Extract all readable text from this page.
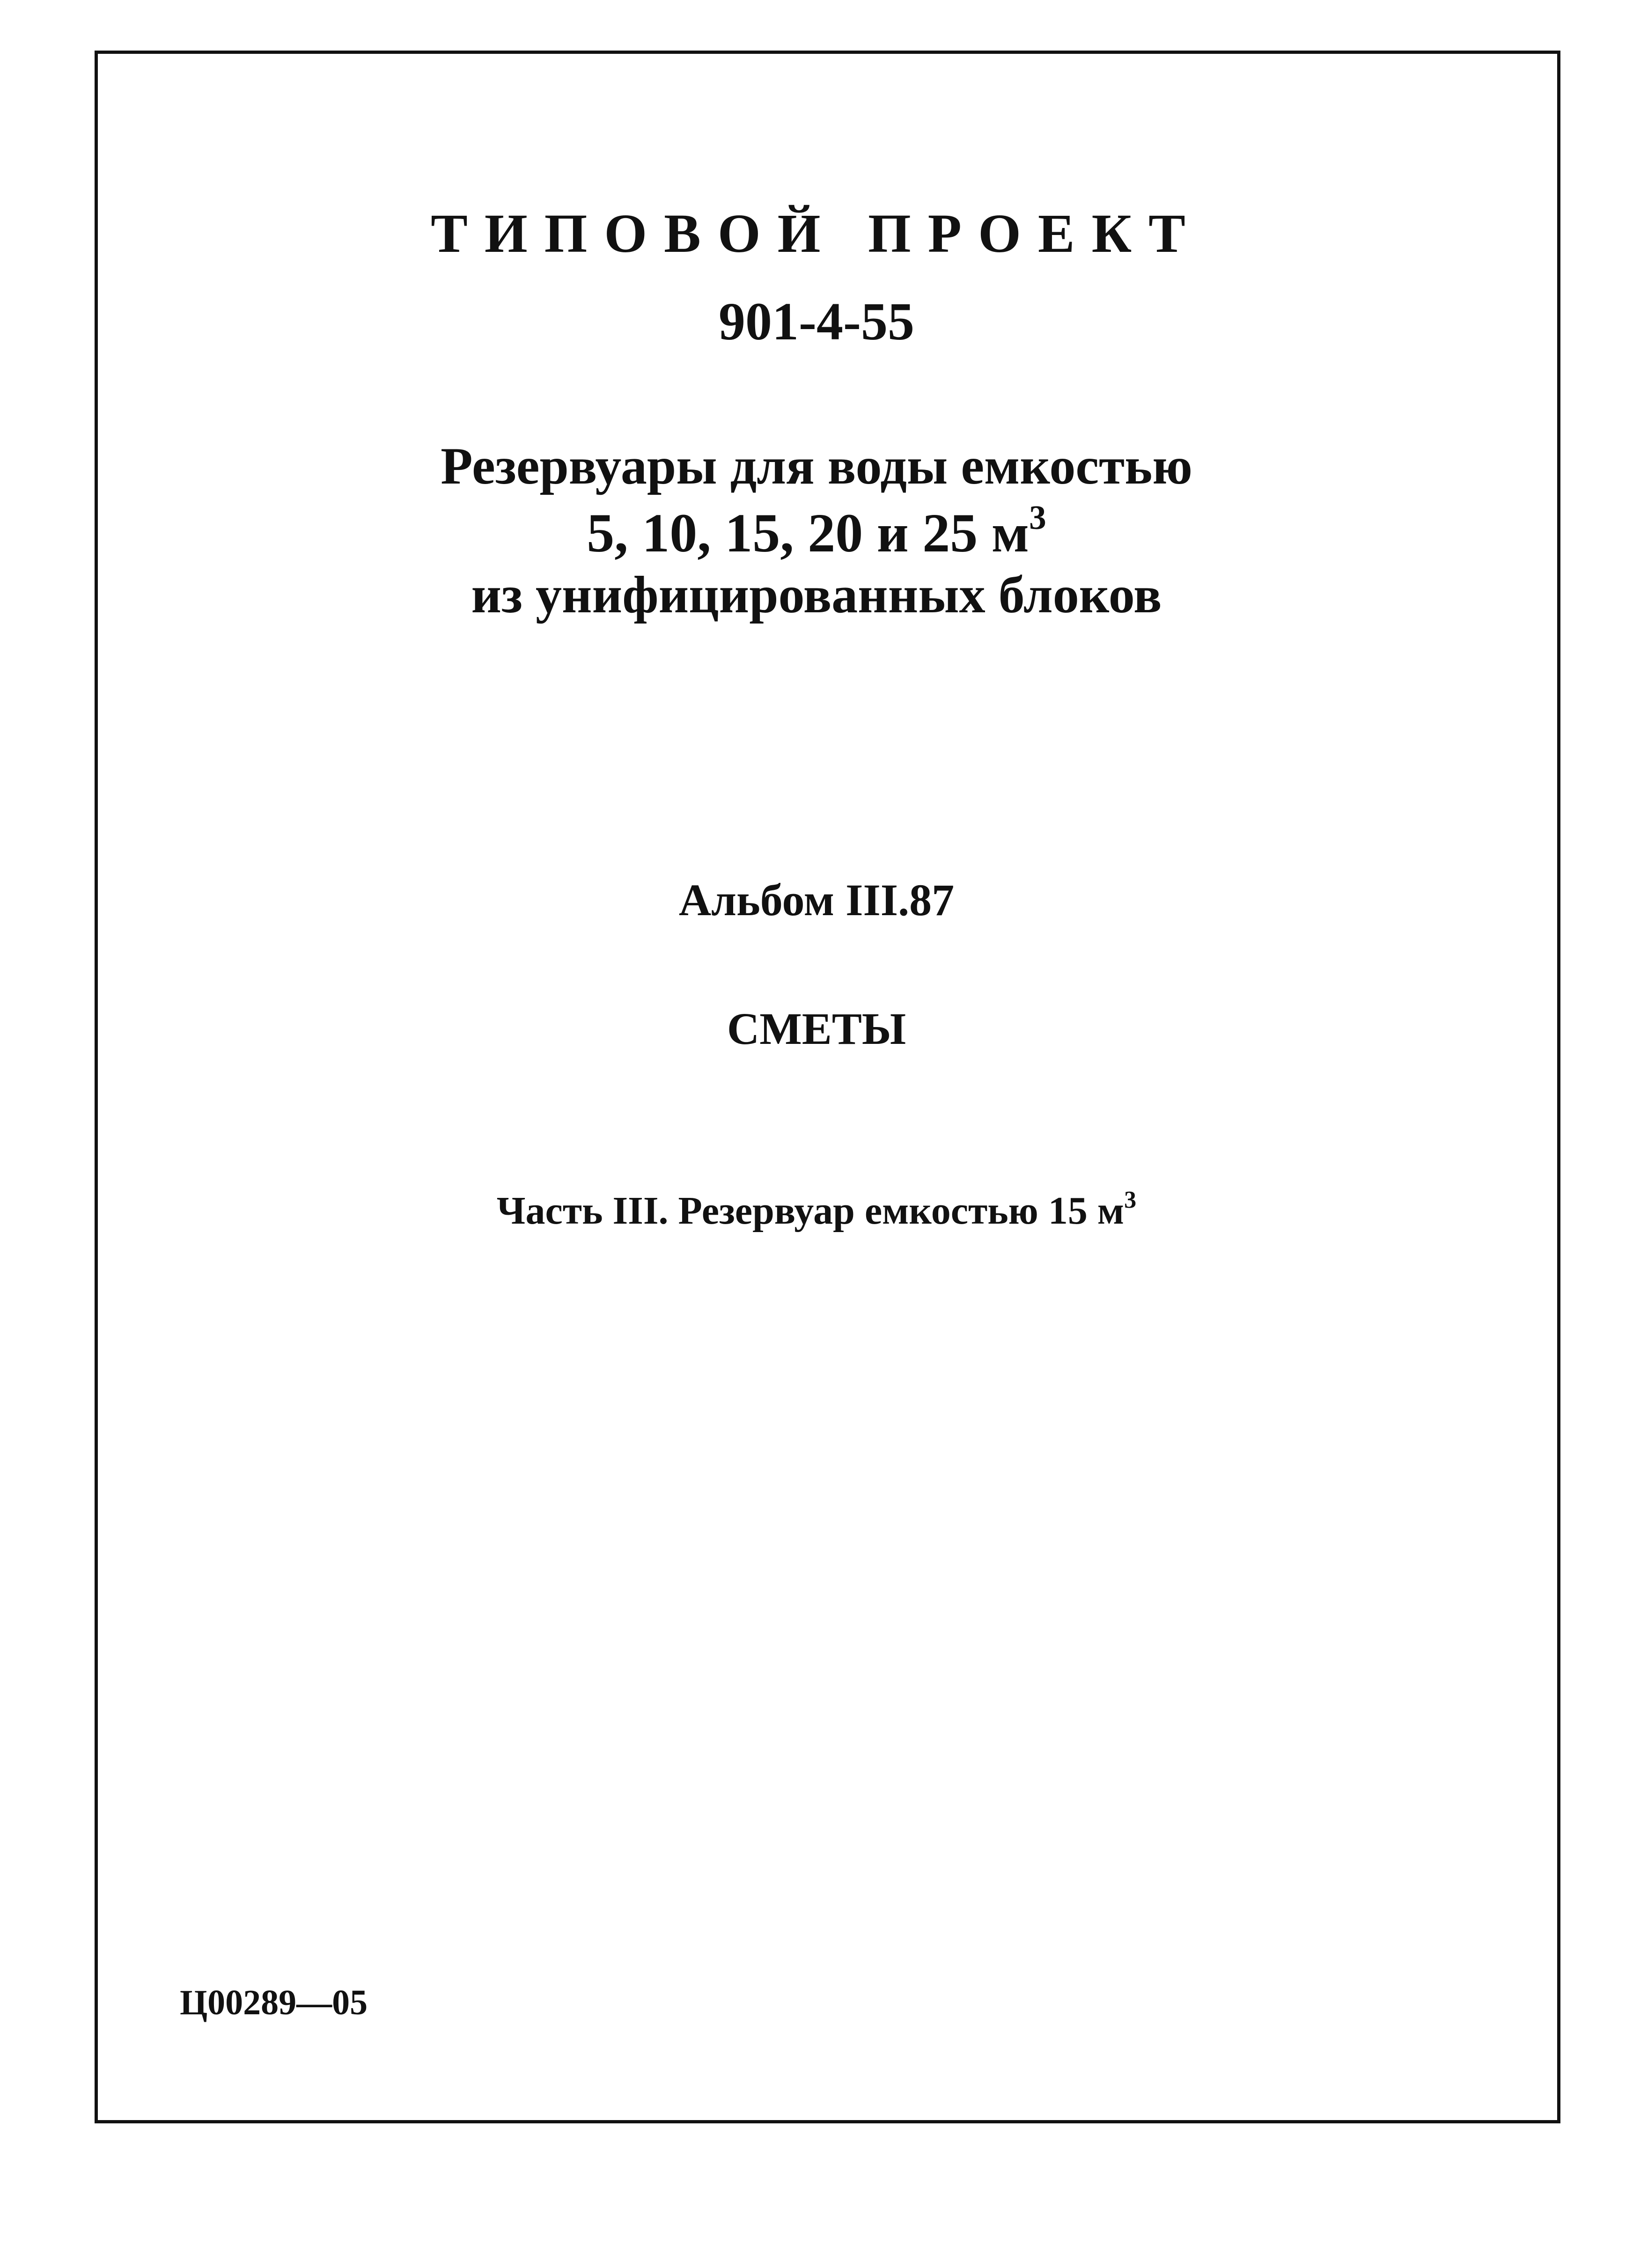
ТИПОВОЙ ПРОЕКТ

901-4-55

Резервуары для воды емкостью

5, 10, 15, 20 и 25 $м^3$

из унифицированных блоков

Альбом III.87

СМЕТЫ

Часть III. Резервуар емкостью 15 $м^3$

Ц00289—05
